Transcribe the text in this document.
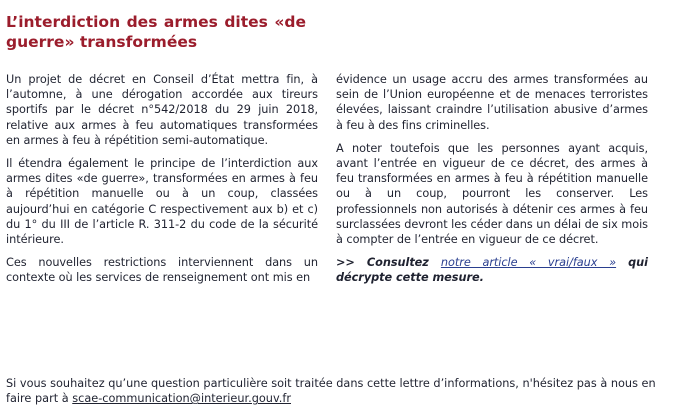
L’interdiction des armes dites «de guerre» transformées

Un projet de décret en Conseil d’État mettra fin, à l’automne, à une dérogation accordée aux tireurs sportifs par le décret n°542/2018 du 29 juin 2018, relative aux armes à feu automatiques transformées en armes à feu à répétition semi-automatique.

Il étendra également le principe de l’interdiction aux armes dites «de guerre», transformées en armes à feu à répétition manuelle ou à un coup, classées aujourd’hui en catégorie C respectivement aux b) et c) du 1° du III de l’article R. 311-2 du code de la sécurité intérieure.

Ces nouvelles restrictions interviennent dans un contexte où les services de renseignement ont mis en

évidence un usage accru des armes transformées au sein de l’Union européenne et de menaces terroristes élevées, laissant craindre l’utilisation abusive d’armes à feu à des fins criminelles.

A noter toutefois que les personnes ayant acquis, avant l’entrée en vigueur de ce décret, des armes à feu transformées en armes à feu à répétition manuelle ou à un coup, pourront les conserver. Les professionnels non autorisés à détenir ces armes à feu surclassées devront les céder dans un délai de six mois à compter de l’entrée en vigueur de ce décret.

>> Consultez notre article « vrai/faux » qui décrypte cette mesure.

Si vous souhaitez qu’une question particulière soit traitée dans cette lettre d’informations, n'hésitez pas à nous en faire part à scae-communication@interieur.gouv.fr
